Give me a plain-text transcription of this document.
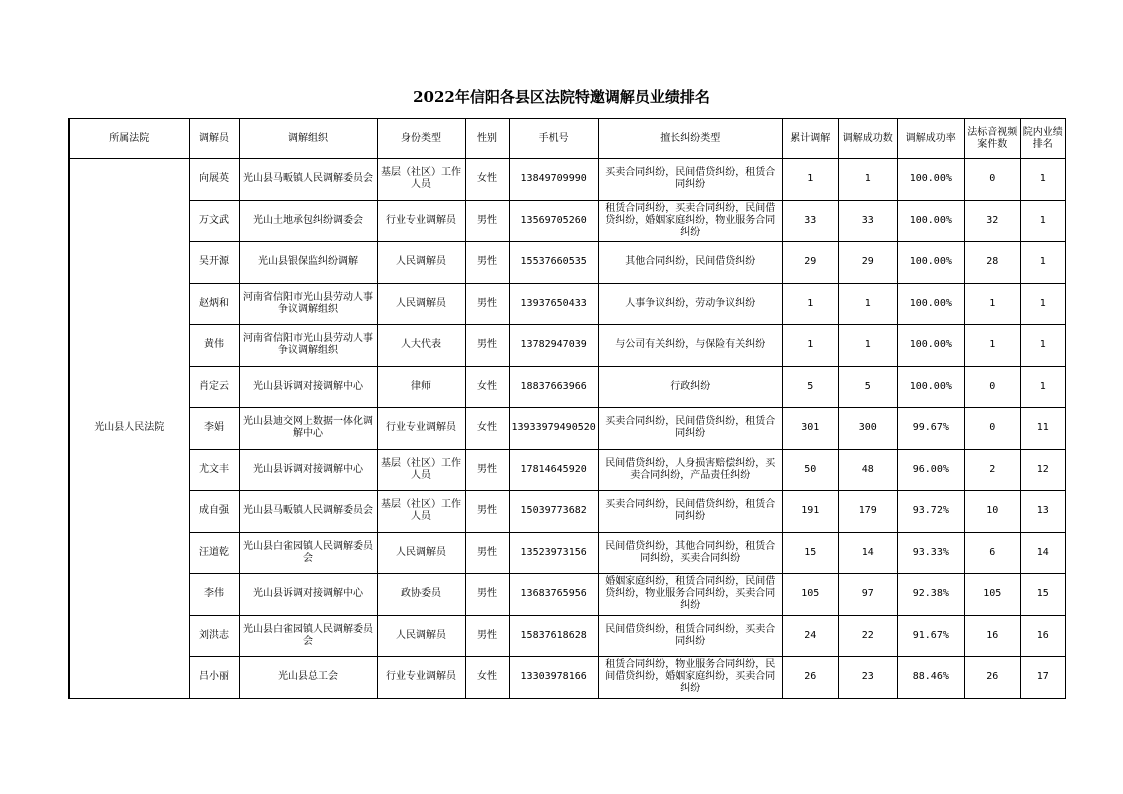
2022年信阳各县区法院特邀调解员业绩排名
所属法院	调解员	调解组织	身份类型	性别	手机号	擅长纠纷类型	累计调解	调解成功数	调解成功率	法标音视频案件数	院内业绩排名
光山县人民法院	向展英	光山县马畈镇人民调解委员会	基层（社区）工作人员	女性	13849709990	买卖合同纠纷，民间借贷纠纷，租赁合同纠纷	1	1	100.00%	0	1
	万文武	光山土地承包纠纷调委会	行业专业调解员	男性	13569705260	租赁合同纠纷，买卖合同纠纷，民间借贷纠纷，婚姻家庭纠纷，物业服务合同纠纷	33	33	100.00%	32	1
	吴开源	光山县银保监纠纷调解	人民调解员	男性	15537660535	其他合同纠纷，民间借贷纠纷	29	29	100.00%	28	1
	赵炳和	河南省信阳市光山县劳动人事争议调解组织	人民调解员	男性	13937650433	人事争议纠纷，劳动争议纠纷	1	1	100.00%	1	1
	黄伟	河南省信阳市光山县劳动人事争议调解组织	人大代表	男性	13782947039	与公司有关纠纷，与保险有关纠纷	1	1	100.00%	1	1
	肖定云	光山县诉调对接调解中心	律师	女性	18837663966	行政纠纷	5	5	100.00%	0	1
	李娟	光山县迪交网上数据一体化调解中心	行业专业调解员	女性	13933979490520	买卖合同纠纷，民间借贷纠纷，租赁合同纠纷	301	300	99.67%	0	11
	尤文丰	光山县诉调对接调解中心	基层（社区）工作人员	男性	17814645920	民间借贷纠纷，人身损害赔偿纠纷，买卖合同纠纷，产品责任纠纷	50	48	96.00%	2	12
	成自强	光山县马畈镇人民调解委员会	基层（社区）工作人员	男性	15039773682	买卖合同纠纷，民间借贷纠纷，租赁合同纠纷	191	179	93.72%	10	13
	汪道乾	光山县白雀园镇人民调解委员会	人民调解员	男性	13523973156	民间借贷纠纷，其他合同纠纷，租赁合同纠纷，买卖合同纠纷	15	14	93.33%	6	14
	李伟	光山县诉调对接调解中心	政协委员	男性	13683765956	婚姻家庭纠纷，租赁合同纠纷，民间借贷纠纷，物业服务合同纠纷，买卖合同纠纷	105	97	92.38%	105	15
	刘洪志	光山县白雀园镇人民调解委员会	人民调解员	男性	15837618628	民间借贷纠纷，租赁合同纠纷，买卖合同纠纷	24	22	91.67%	16	16
	吕小丽	光山县总工会	行业专业调解员	女性	13303978166	租赁合同纠纷，物业服务合同纠纷，民间借贷纠纷，婚姻家庭纠纷，买卖合同纠纷	26	23	88.46%	26	17
